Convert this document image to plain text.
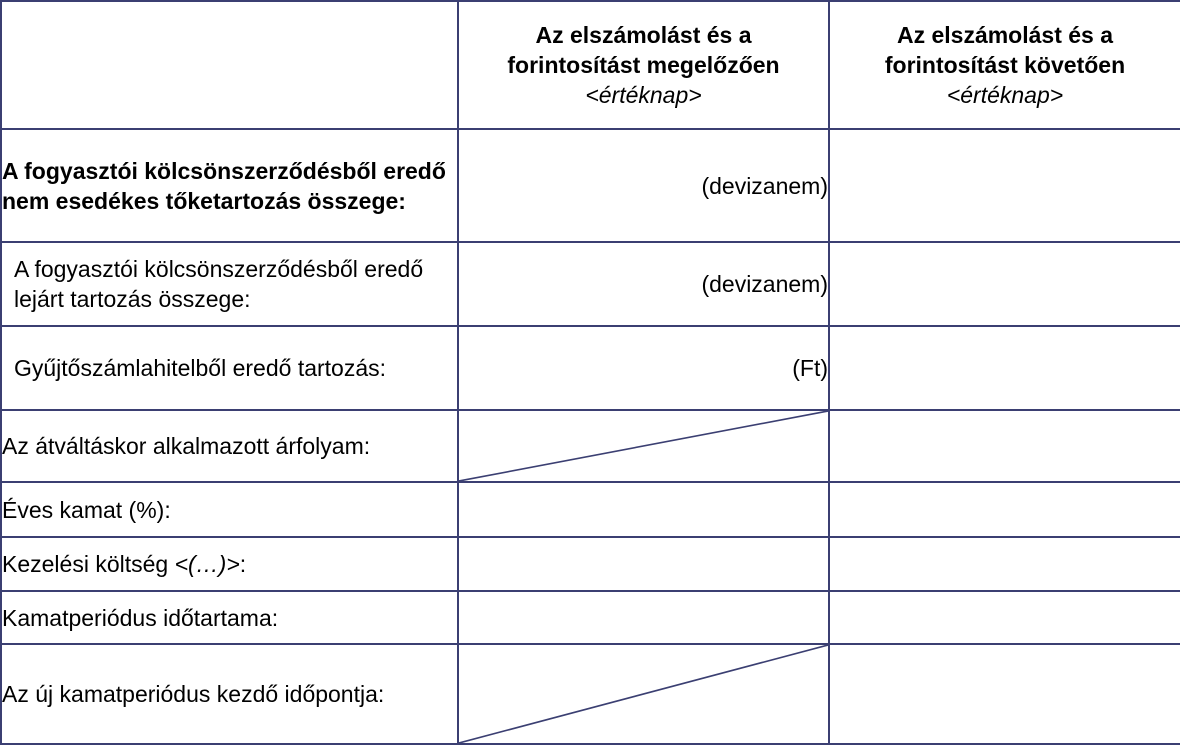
	Az elszámolást és a
forintosítást megelőzően
<értéknap>	Az elszámolást és a
forintosítást követően
<értéknap>

A fogyasztói kölcsönszerződésből eredő nem esedékes tőketartozás összege:	(devizanem)	
A fogyasztói kölcsönszerződésből eredő lejárt tartozás összege:	(devizanem)	
Gyűjtőszámlahitelből eredő tartozás:	(Ft)	
Az átváltáskor alkalmazott árfolyam:	

Éves kamat (%):		
Kezelési költség <(…)>:		
Kamatperiódus időtartama:		
Az új kamatperiódus kezdő időpontja:	
